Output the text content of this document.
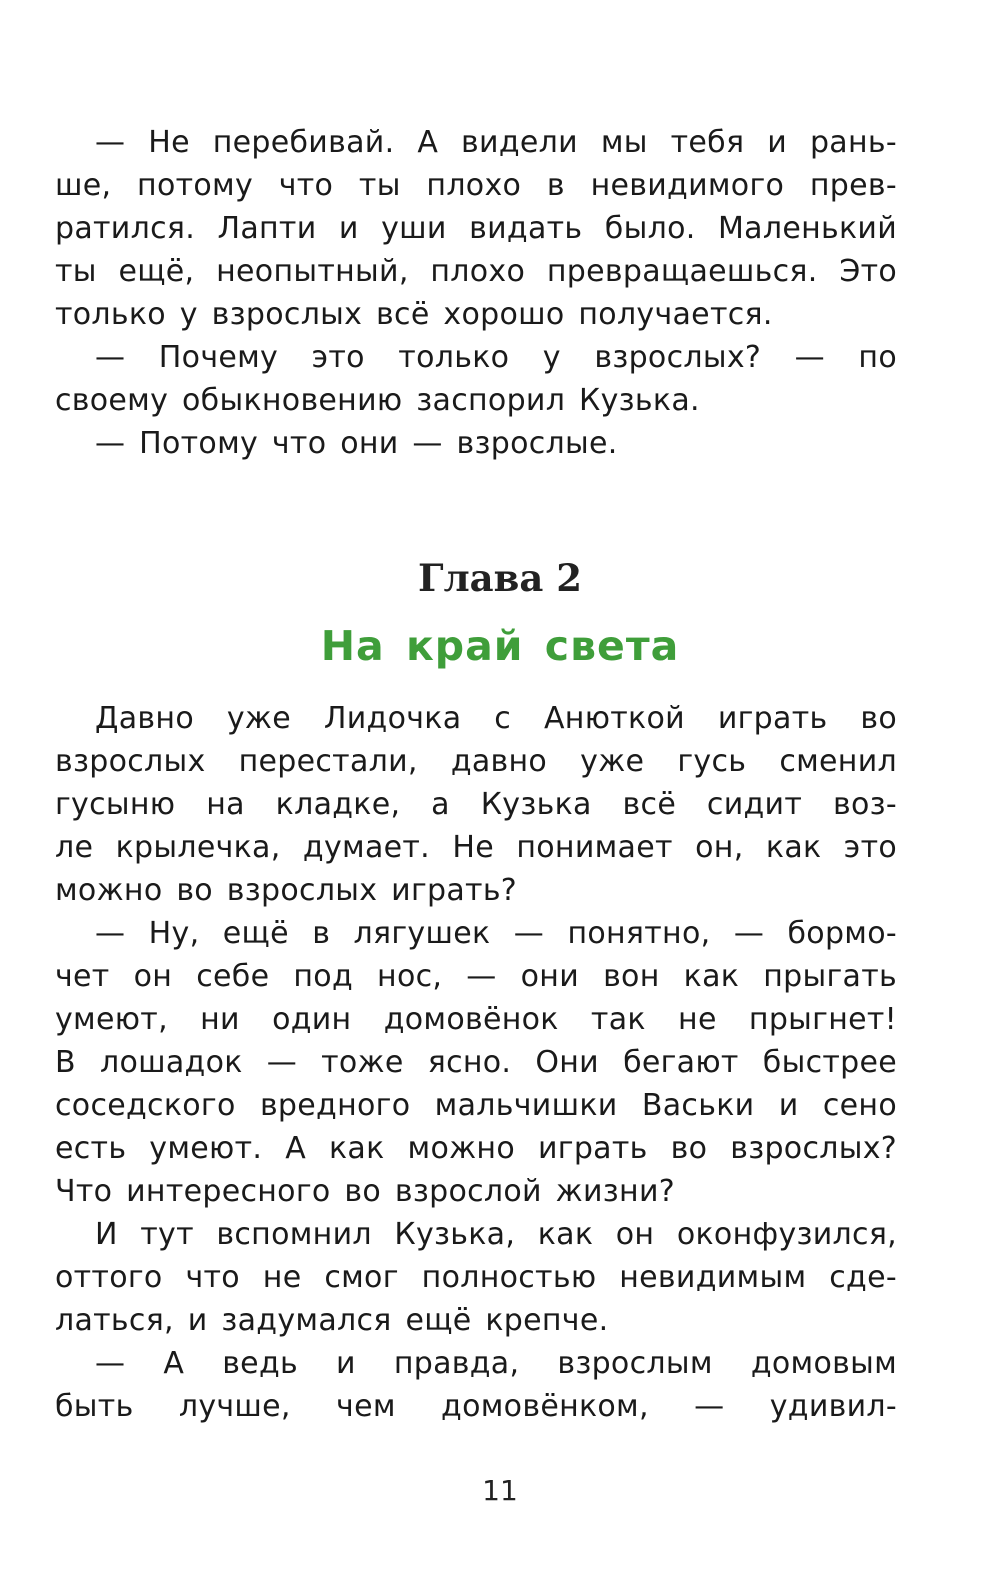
— Не перебивай. А видели мы тебя и рань-
ше, потому что ты плохо в невидимого прев-
ратился. Лапти и уши видать было. Маленький
ты ещё, неопытный, плохо превращаешься. Это
только у взрослых всё хорошо получается.
— Почему это только у взрослых? — по
своему обыкновению заспорил Кузька.
— Потому что они — взрослые.
Глава 2
На край света
Давно уже Лидочка с Анюткой играть во
взрослых перестали, давно уже гусь сменил
гусыню на кладке, а Кузька всё сидит воз-
ле крылечка, думает. Не понимает он, как это
можно во взрослых играть?
— Ну, ещё в лягушек — понятно, — бормо-
чет он себе под нос, — они вон как прыгать
умеют, ни один домовёнок так не прыгнет!
В лошадок — тоже ясно. Они бегают быстрее
соседского вредного мальчишки Васьки и сено
есть умеют. А как можно играть во взрослых?
Что интересного во взрослой жизни?
И тут вспомнил Кузька, как он оконфузился,
оттого что не смог полностью невидимым сде-
латься, и задумался ещё крепче.
— А ведь и правда, взрослым домовым
быть лучше, чем домовёнком, — удивил-
11
